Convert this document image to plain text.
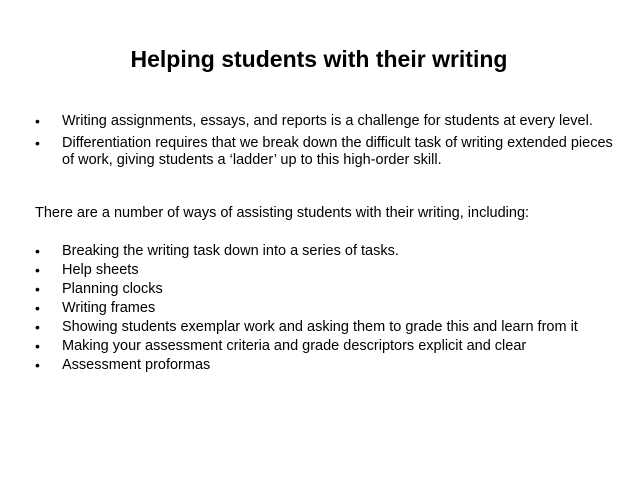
Helping students with their writing
• Writing assignments, essays, and reports is a challenge for students at every level.
• Differentiation requires that we break down the difficult task of writing extended pieces of work, giving students a ‘ladder’ up to this high-order skill.

There are a number of ways of assisting students with their writing, including:

• Breaking the writing task down into a series of tasks.
• Help sheets
• Planning clocks
• Writing frames
• Showing students exemplar work and asking them to grade this and learn from it
• Making your assessment criteria and grade descriptors explicit and clear
• Assessment proformas
